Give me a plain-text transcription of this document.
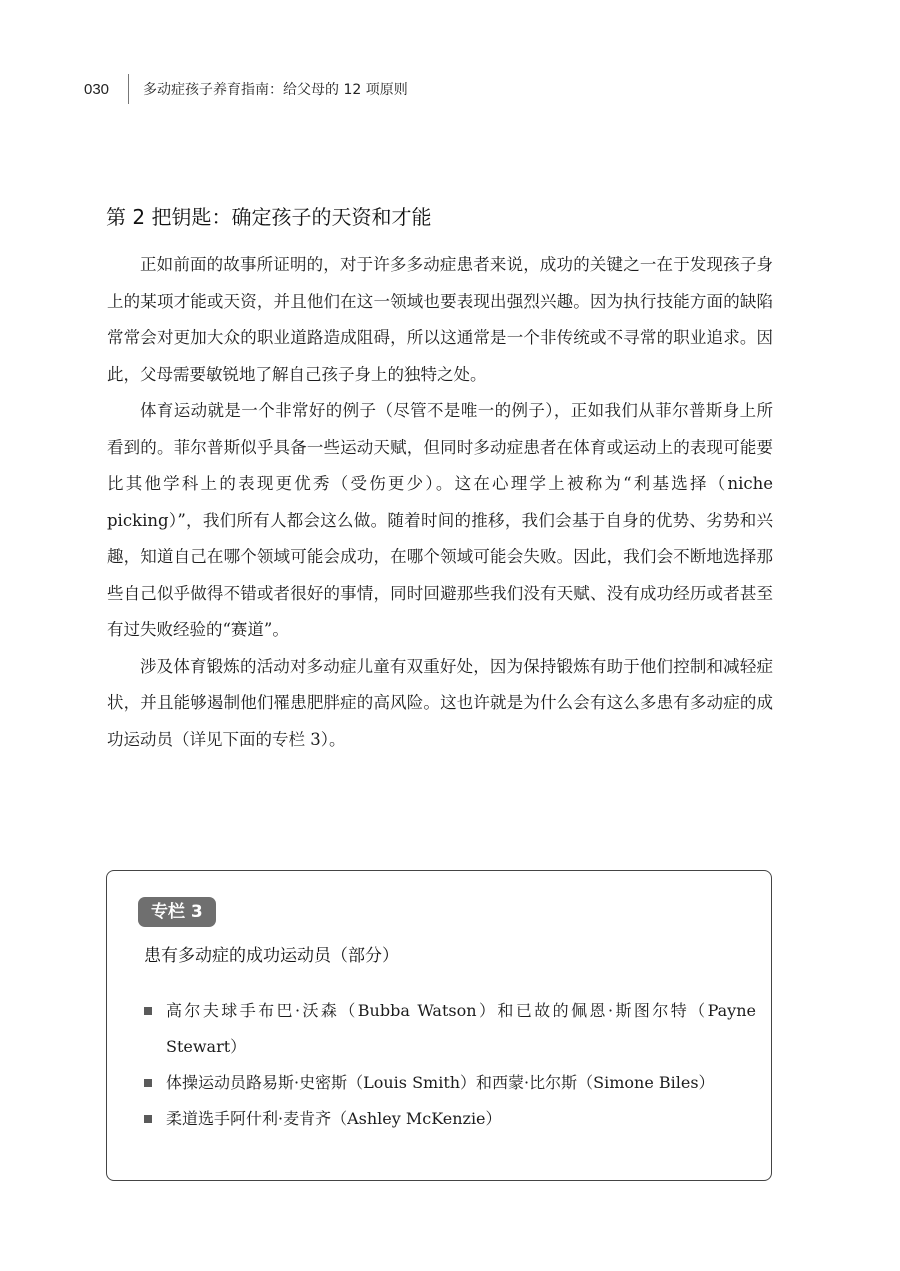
030	多动症孩子养育指南：给父母的 12 项原则
第 2 把钥匙：确定孩子的天资和才能

正如前面的故事所证明的，对于许多多动症患者来说，成功的关键之一在于发现孩子身上的某项才能或天资，并且他们在这一领域也要表现出强烈兴趣。因为执行技能方面的缺陷常常会对更加大众的职业道路造成阻碍，所以这通常是一个非传统或不寻常的职业追求。因此，父母需要敏锐地了解自己孩子身上的独特之处。

体育运动就是一个非常好的例子（尽管不是唯一的例子），正如我们从菲尔普斯身上所看到的。菲尔普斯似乎具备一些运动天赋，但同时多动症患者在体育或运动上的表现可能要比其他学科上的表现更优秀（受伤更少）。这在心理学上被称为“利基选择（niche picking）”，我们所有人都会这么做。随着时间的推移，我们会基于自身的优势、劣势和兴趣，知道自己在哪个领域可能会成功，在哪个领域可能会失败。因此，我们会不断地选择那些自己似乎做得不错或者很好的事情，同时回避那些我们没有天赋、没有成功经历或者甚至有过失败经验的“赛道”。

涉及体育锻炼的活动对多动症儿童有双重好处，因为保持锻炼有助于他们控制和减轻症状，并且能够遏制他们罹患肥胖症的高风险。这也许就是为什么会有这么多患有多动症的成功运动员（详见下面的专栏 3）。

专栏 3
患有多动症的成功运动员（部分）
高尔夫球手布巴·沃森（Bubba Watson）和已故的佩恩·斯图尔特（Payne Stewart）
体操运动员路易斯·史密斯（Louis Smith）和西蒙·比尔斯（Simone Biles）
柔道选手阿什利·麦肯齐（Ashley McKenzie）
